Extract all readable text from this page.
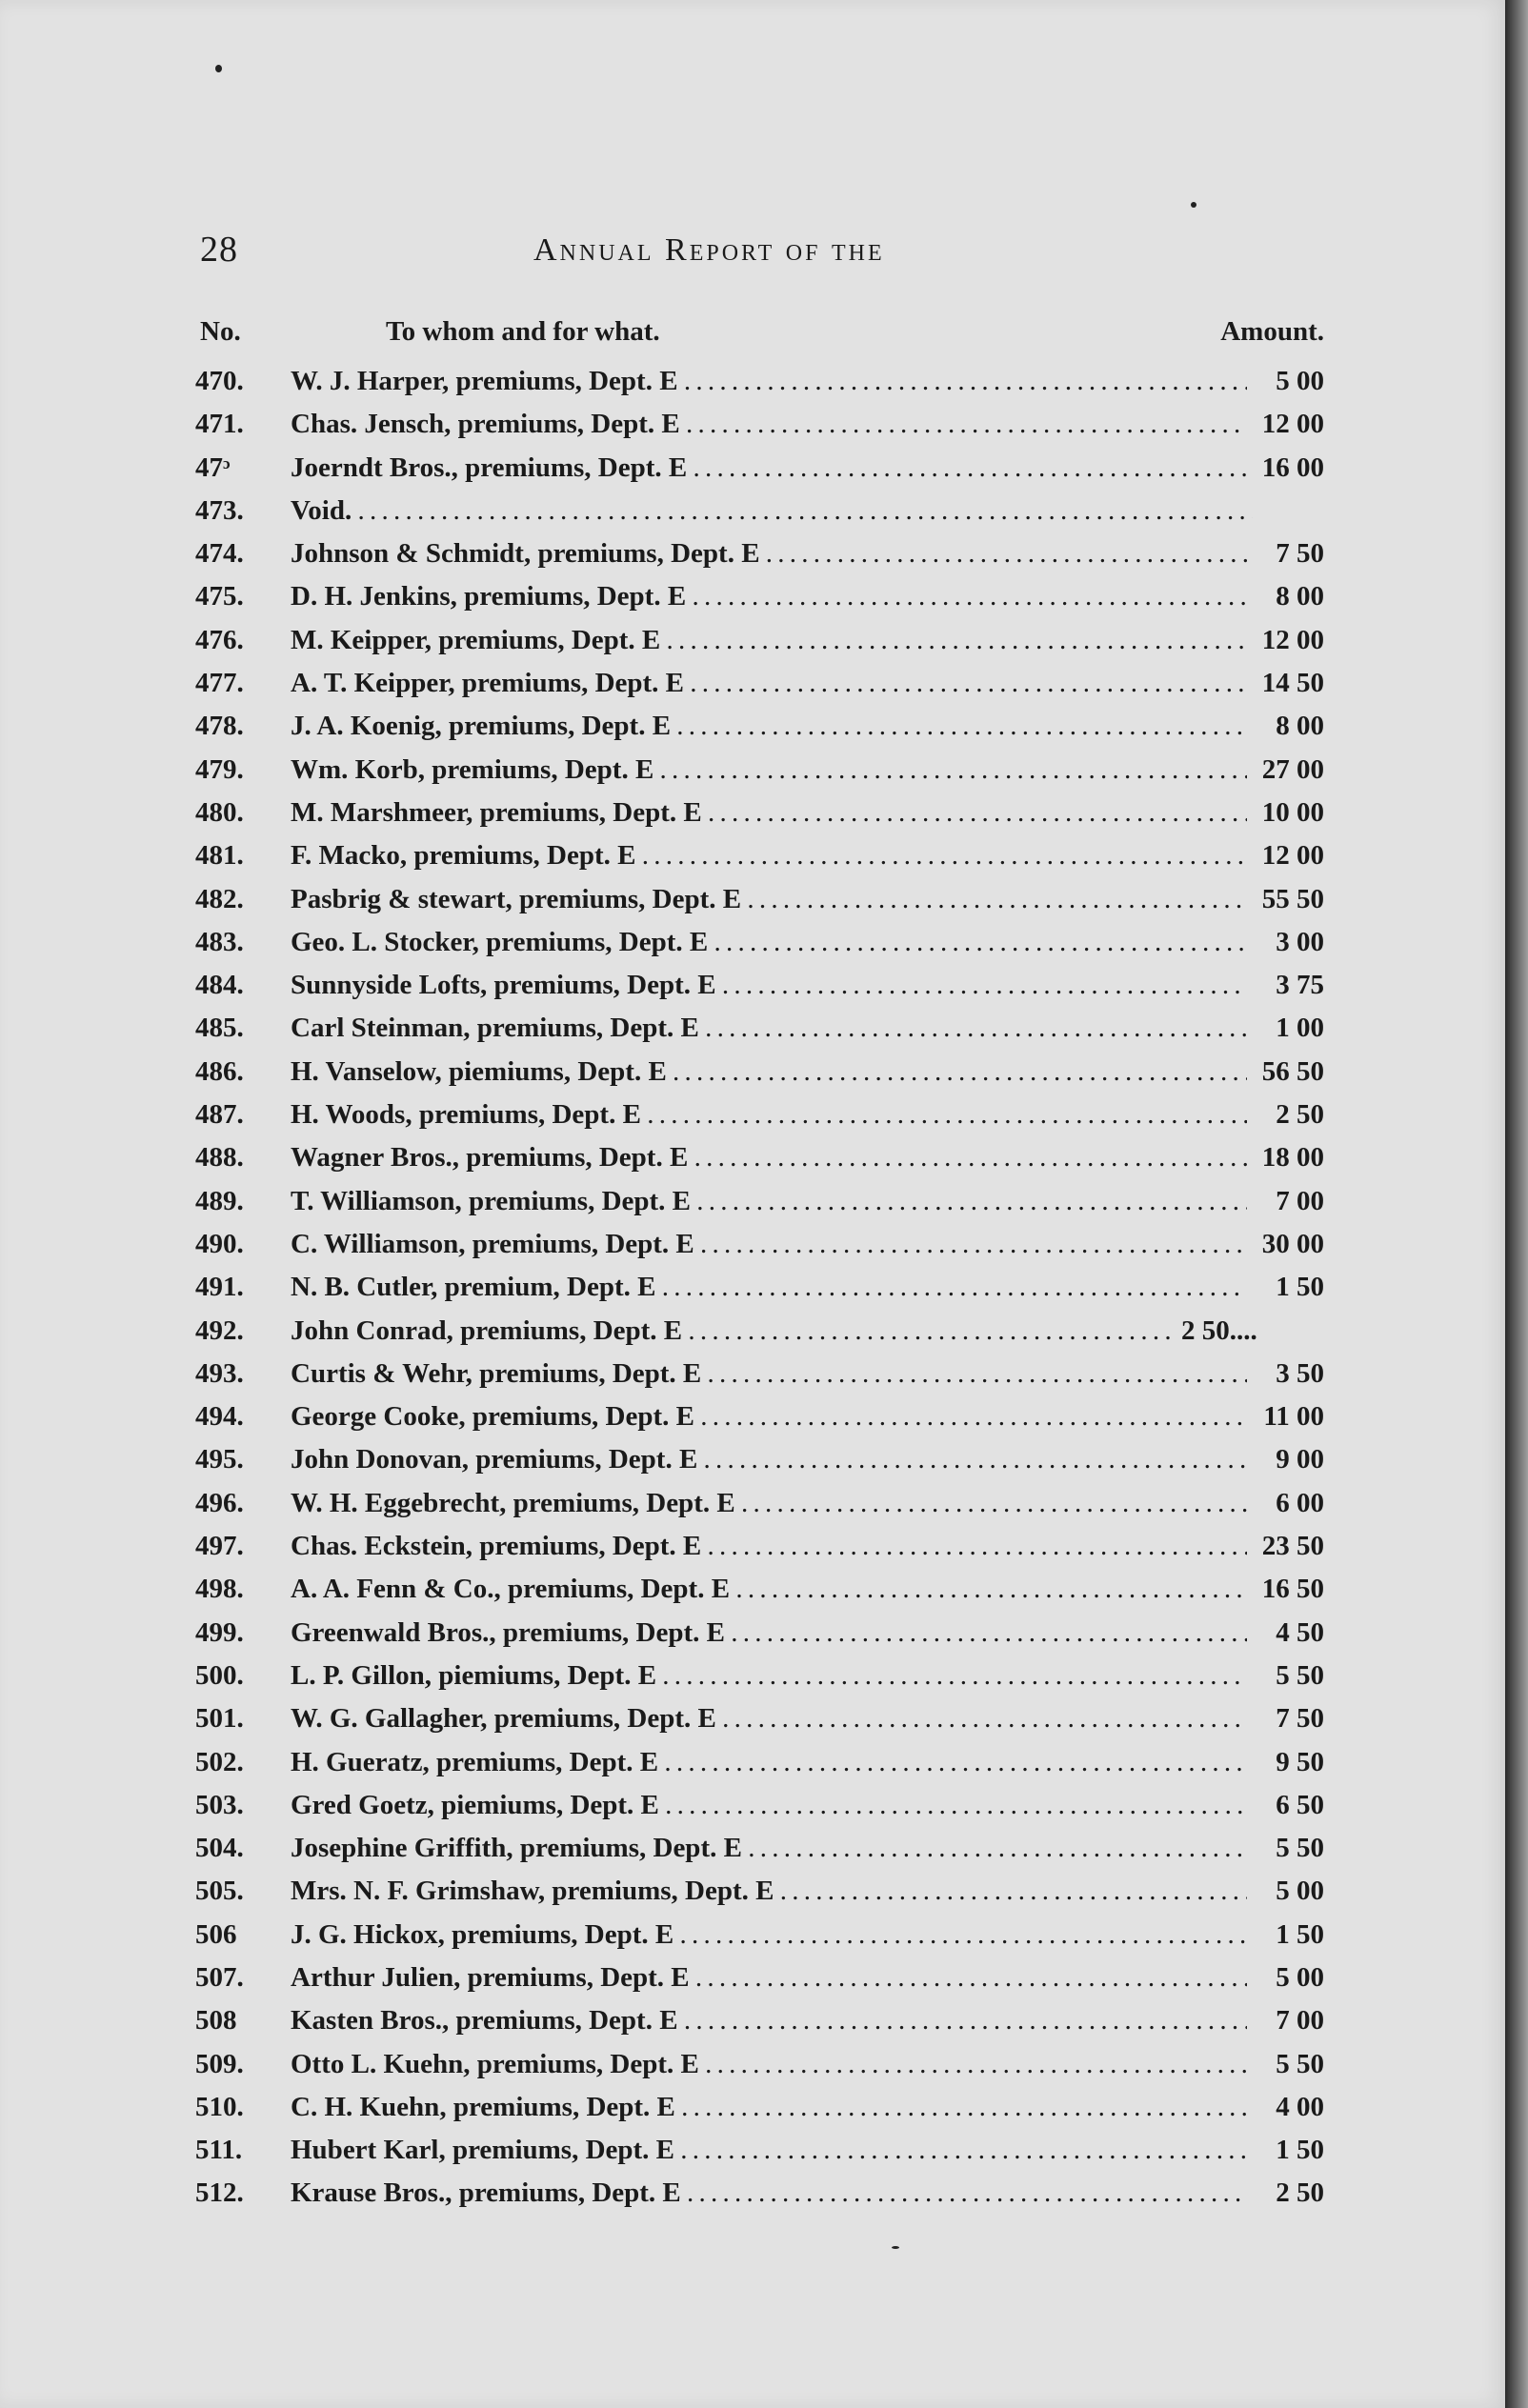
28	Annual Report of the
No.	To whom and for what.	Amount.
470.	W. J. Harper, premiums, Dept. E . . .	5 00
471.	Chas. Jensch, premiums, Dept. E . . .	12 00
47ᵓ	Joerndt Bros., premiums, Dept. E . . .	16 00
473.	Void. . . .
474.	Johnson & Schmidt, premiums, Dept. E . . .	7 50
475.	D. H. Jenkins, premiums, Dept. E . . .	8 00
476.	M. Keipper, premiums, Dept. E . . .	12 00
477.	A. T. Keipper, premiums, Dept. E . . .	14 50
478.	J. A. Koenig, premiums, Dept. E . . .	8 00
479.	Wm. Korb, premiums, Dept. E . . .	27 00
480.	M. Marshmeer, premiums, Dept. E . . .	10 00
481.	F. Macko, premiums, Dept. E . . .	12 00
482.	Pasbrig & stewart, premiums, Dept. E . . .	55 50
483.	Geo. L. Stocker, premiums, Dept. E . . .	3 00
484.	Sunnyside Lofts, premiums, Dept. E . . .	3 75
485.	Carl Steinman, premiums, Dept. E . . .	1 00
486.	H. Vanselow, piemiums, Dept. E . . .	56 50
487.	H. Woods, premiums, Dept. E . . .	2 50
488.	Wagner Bros., premiums, Dept. E . . .	18 00
489.	T. Williamson, premiums, Dept. E . . .	7 00
490.	C. Williamson, premiums, Dept. E . . .	30 00
491.	N. B. Cutler, premium, Dept. E . . .	1 50
492.	John Conrad, premiums, Dept. E . . .	2 50....
493.	Curtis & Wehr, premiums, Dept. E . . .	3 50
494.	George Cooke, premiums, Dept. E . . .	11 00
495.	John Donovan, premiums, Dept. E . . .	9 00
496.	W. H. Eggebrecht, premiums, Dept. E . . .	6 00
497.	Chas. Eckstein, premiums, Dept. E . . .	23 50
498.	A. A. Fenn & Co., premiums, Dept. E . . .	16 50
499.	Greenwald Bros., premiums, Dept. E . . .	4 50
500.	L. P. Gillon, piemiums, Dept. E . . .	5 50
501.	W. G. Gallagher, premiums, Dept. E . . .	7 50
502.	H. Gueratz, premiums, Dept. E . . .	9 50
503.	Gred Goetz, piemiums, Dept. E . . .	6 50
504.	Josephine Griffith, premiums, Dept. E . . .	5 50
505.	Mrs. N. F. Grimshaw, premiums, Dept. E . . .	5 00
506	J. G. Hickox, premiums, Dept. E . . .	1 50
507.	Arthur Julien, premiums, Dept. E . . .	5 00
508	Kasten Bros., premiums, Dept. E . . .	7 00
509.	Otto L. Kuehn, premiums, Dept. E . . .	5 50
510.	C. H. Kuehn, premiums, Dept. E . . .	4 00
511.	Hubert Karl, premiums, Dept. E . . .	1 50
512.	Krause Bros., premiums, Dept. E . . .	2 50
